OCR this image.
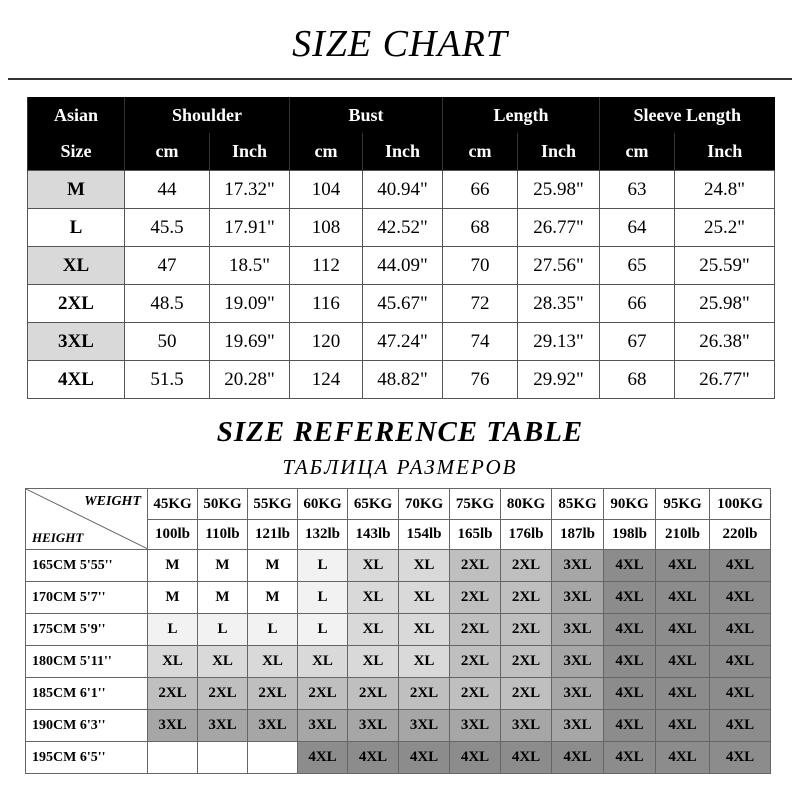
SIZE CHART
Asian	Shoulder		Bust		Length		Sleeve Length	
Size	cm	Inch	cm	Inch	cm	Inch	cm	Inch
M	44	17.32"	104	40.94"	66	25.98"	63	24.8"
L	45.5	17.91"	108	42.52"	68	26.77"	64	25.2"
XL	47	18.5"	112	44.09"	70	27.56"	65	25.59"
2XL	48.5	19.09"	116	45.67"	72	28.35"	66	25.98"
3XL	50	19.69"	120	47.24"	74	29.13"	67	26.38"
4XL	51.5	20.28"	124	48.82"	76	29.92"	68	26.77"
SIZE REFERENCE TABLE
ТАБЛИЦА РАЗМЕРОВ
WEIGHT
HEIGHT	45KG	50KG	55KG	60KG	65KG	70KG	75KG	80KG	85KG	90KG	95KG	100KG
	100lb	110lb	121lb	132lb	143lb	154lb	165lb	176lb	187lb	198lb	210lb	220lb
165CM 5'55''	M	M	M	L	XL	XL	2XL	2XL	3XL	4XL	4XL	4XL
170CM 5'7''	M	M	M	L	XL	XL	2XL	2XL	3XL	4XL	4XL	4XL
175CM 5'9''	L	L	L	L	XL	XL	2XL	2XL	3XL	4XL	4XL	4XL
180CM 5'11''	XL	XL	XL	XL	XL	XL	2XL	2XL	3XL	4XL	4XL	4XL
185CM 6'1''	2XL	2XL	2XL	2XL	2XL	2XL	2XL	2XL	3XL	4XL	4XL	4XL
190CM 6'3''	3XL	3XL	3XL	3XL	3XL	3XL	3XL	3XL	3XL	4XL	4XL	4XL
195CM 6'5''				4XL	4XL	4XL	4XL	4XL	4XL	4XL	4XL	4XL
